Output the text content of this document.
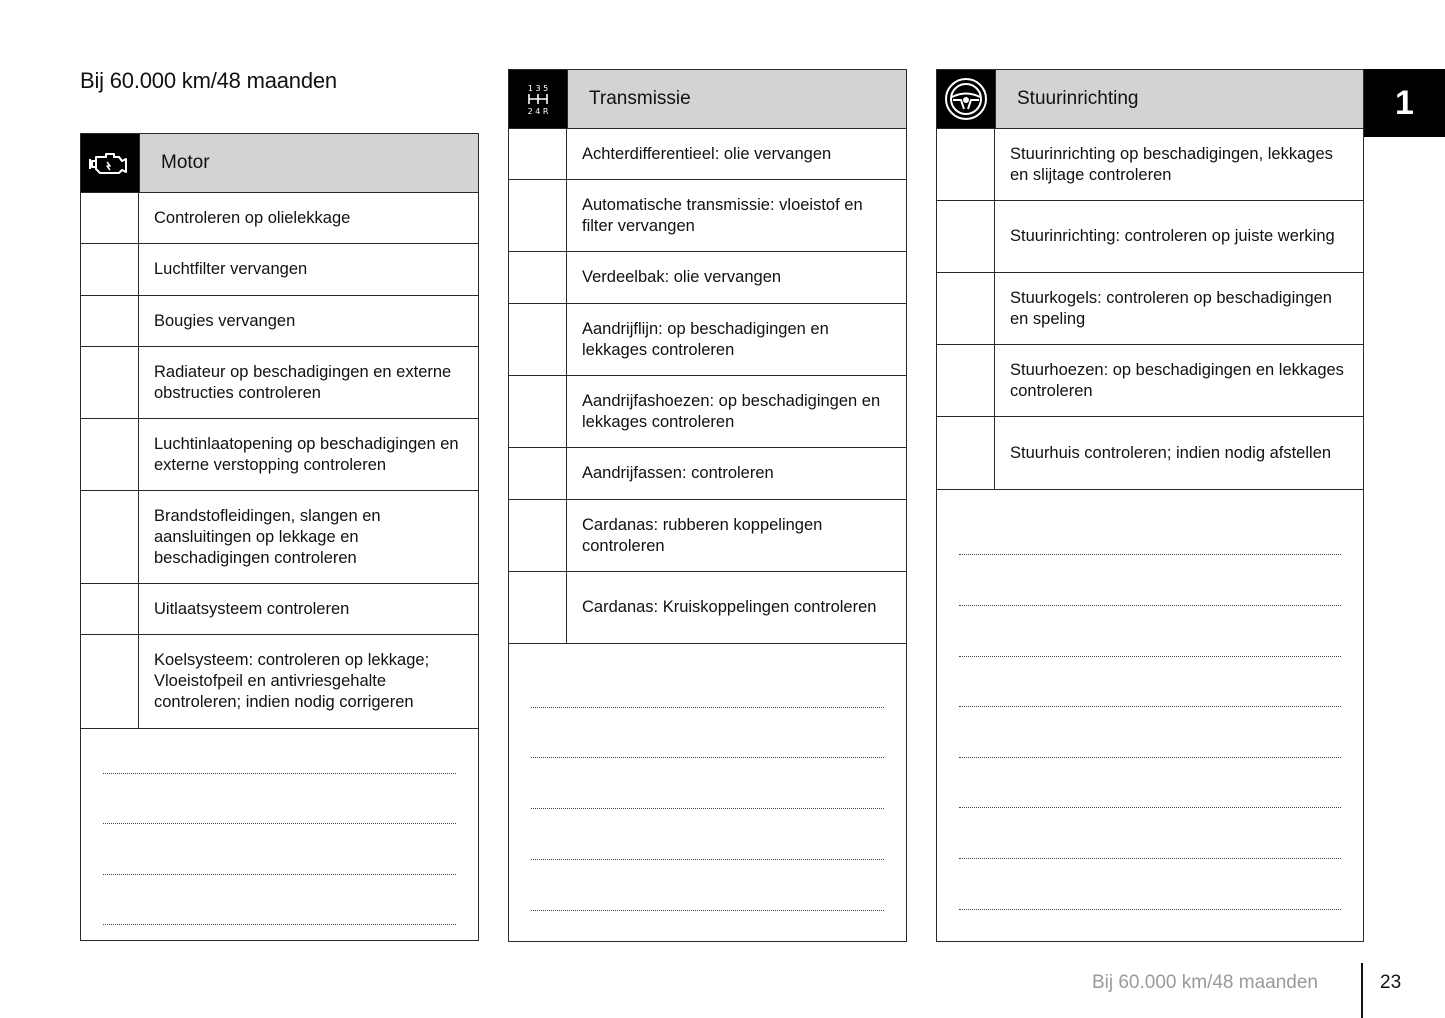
Bij 60.000 km/48 maanden
1
Motor
Controleren op olielekkage
Luchtfilter vervangen
Bougies vervangen
Radiateur op beschadigingen en externe obstructies controleren
Luchtinlaatopening op beschadigingen en externe verstopping controleren
Brandstofleidingen, slangen en aansluitingen op lekkage en beschadigingen controleren
Uitlaatsysteem controleren
Koelsysteem: controleren op lekkage; Vloeistofpeil en antivriesgehalte controleren; indien nodig corrigeren
1 3 5
2 4 R
Transmissie
Achterdifferentieel: olie vervangen
Automatische transmissie: vloeistof en filter vervangen
Verdeelbak: olie vervangen
Aandrijflijn: op beschadigingen en lekkages controleren
Aandrijfashoezen: op beschadigingen en lekkages controleren
Aandrijfassen: controleren
Cardanas: rubberen koppelingen controleren
Cardanas: Kruiskoppelingen controleren
Stuurinrichting
Stuurinrichting op beschadigingen, lekkages en slijtage controleren
Stuurinrichting: controleren op juiste werking
Stuurkogels: controleren op beschadigingen en speling
Stuurhoezen: op beschadigingen en lekkages controleren
Stuurhuis controleren; indien nodig afstellen
Bij 60.000 km/48 maanden	23
